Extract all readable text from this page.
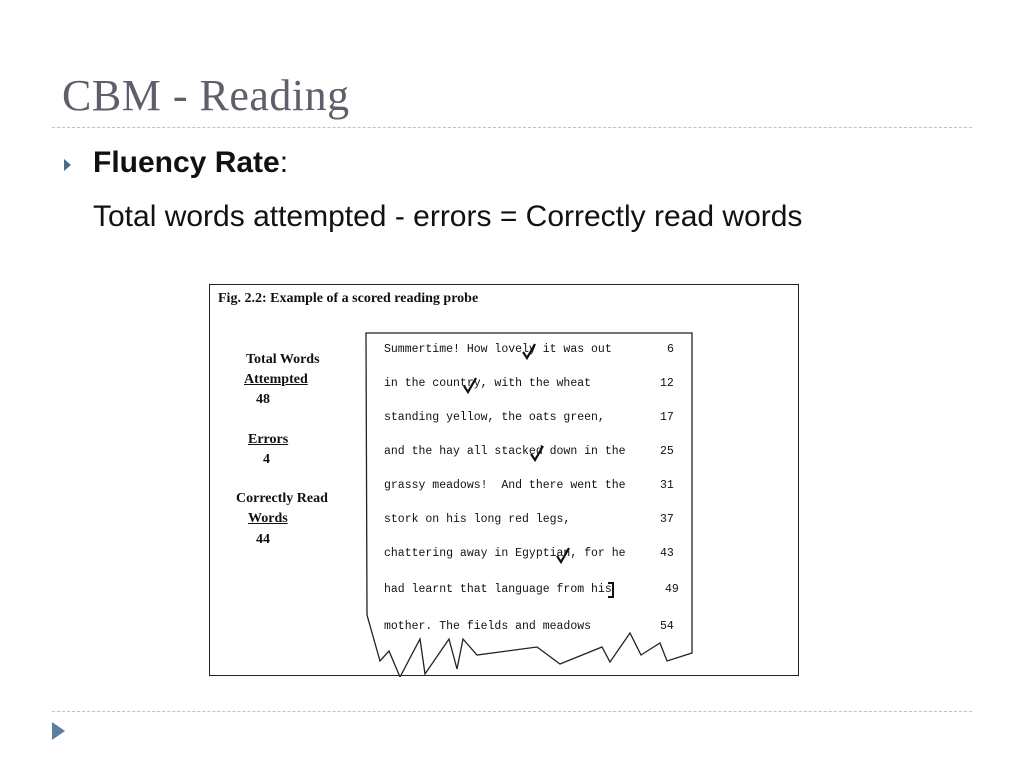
CBM - Reading
Fluency Rate:
Total words attempted - errors = Correctly read words
Fig. 2.2: Example of a scored reading probe
Total Words
Attempted
48
Errors
4
Correctly Read
Words
44
Summertime! How lovely it was out	6
in the country, with the wheat	12
standing yellow, the oats green,	17
and the hay all stacked down in the	25
grassy meadows!  And there went the	31
stork on his long red legs,	37
chattering away in Egyptian, for he	43
had learnt that language from his	49
mother. The fields and meadows	54
